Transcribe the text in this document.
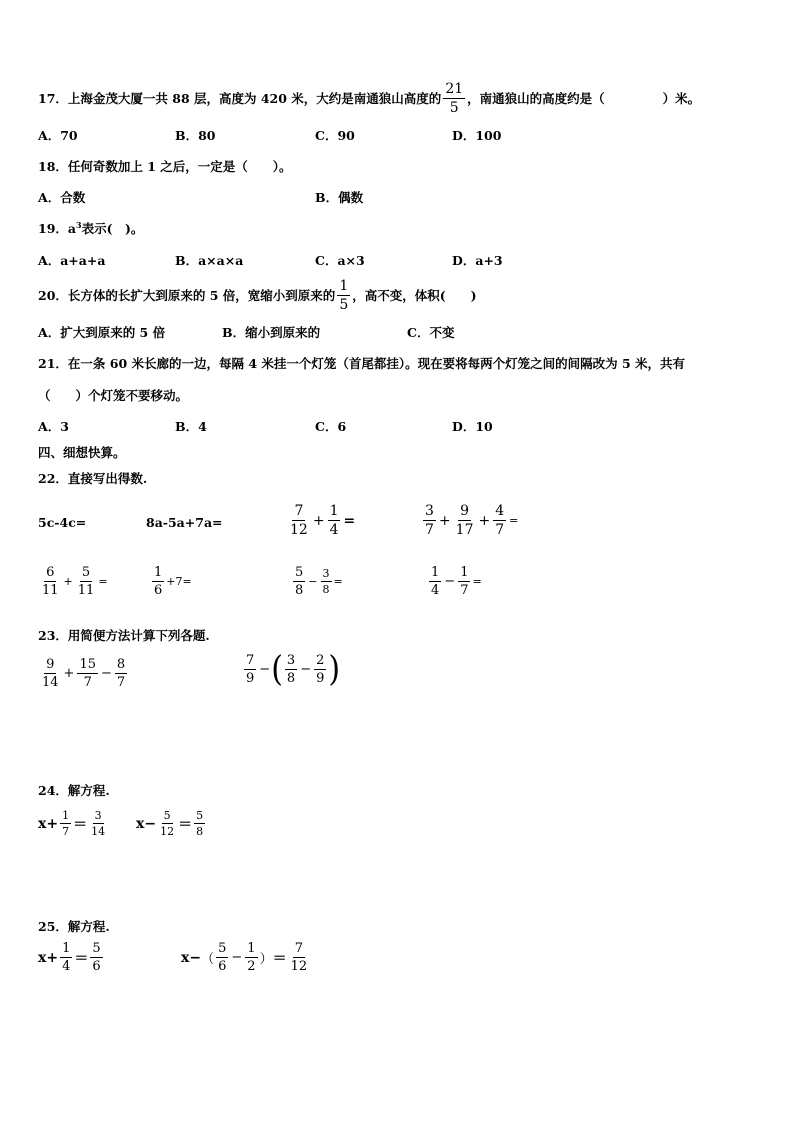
17． 上海金茂大厦一共 88 层，高度为 420 米，大约是南通狼山高度的 $\frac{21}{5}$ ，南通狼山的高度约是（	）米。
A．70	B．80	C．90	D．100
18．任何奇数加上 1 之后，一定是（　　）。
A．合数	B．偶数
19．$a^3$表示(　)。
A．a+a+a	B．a×a×a	C．a×3	D．a+3
20．长方体的长扩大到原来的 5 倍，宽缩小到原来的 $\frac{1}{5}$ ，高不变，体积(　　)
A．扩大到原来的 5 倍	B．缩小到原来的	C．不变
21．在一条 60 米长廊的一边，每隔 4 米挂一个灯笼（首尾都挂）。现在要将每两个灯笼之间的间隔改为 5 米，共有
（　　）个灯笼不要移动。
A．3	B．4	C．6	D．10
四、细想快算。
22．直接写出得数.
5c-4c=	8a-5a+7a=	$\frac{7}{12} + \frac{1}{4}$ =	$\frac{3}{7} + \frac{9}{17} + \frac{4}{7}$ =
$\frac{6}{11} + \frac{5}{11}$ =	$\frac{1}{6} +7=$	$\frac{5}{8} - \frac{3}{8}$ =	$\frac{1}{4} - \frac{1}{7}$ =
23．用简便方法计算下列各题.
$\frac{9}{14} + \frac{15}{7} - \frac{8}{7}$	$\frac{7}{9}$ − ( $\frac{3}{8} - \frac{2}{9}$ )
24．解方程.
$x + \frac{1}{7} = \frac{3}{14}$ $x - \frac{5}{12} = \frac{5}{8}$
25．解方程.
$x + \frac{1}{4} = \frac{5}{6}$	x − （ $\frac{5}{6} - \frac{1}{2}$ ） ＝ $\frac{7}{12}$
